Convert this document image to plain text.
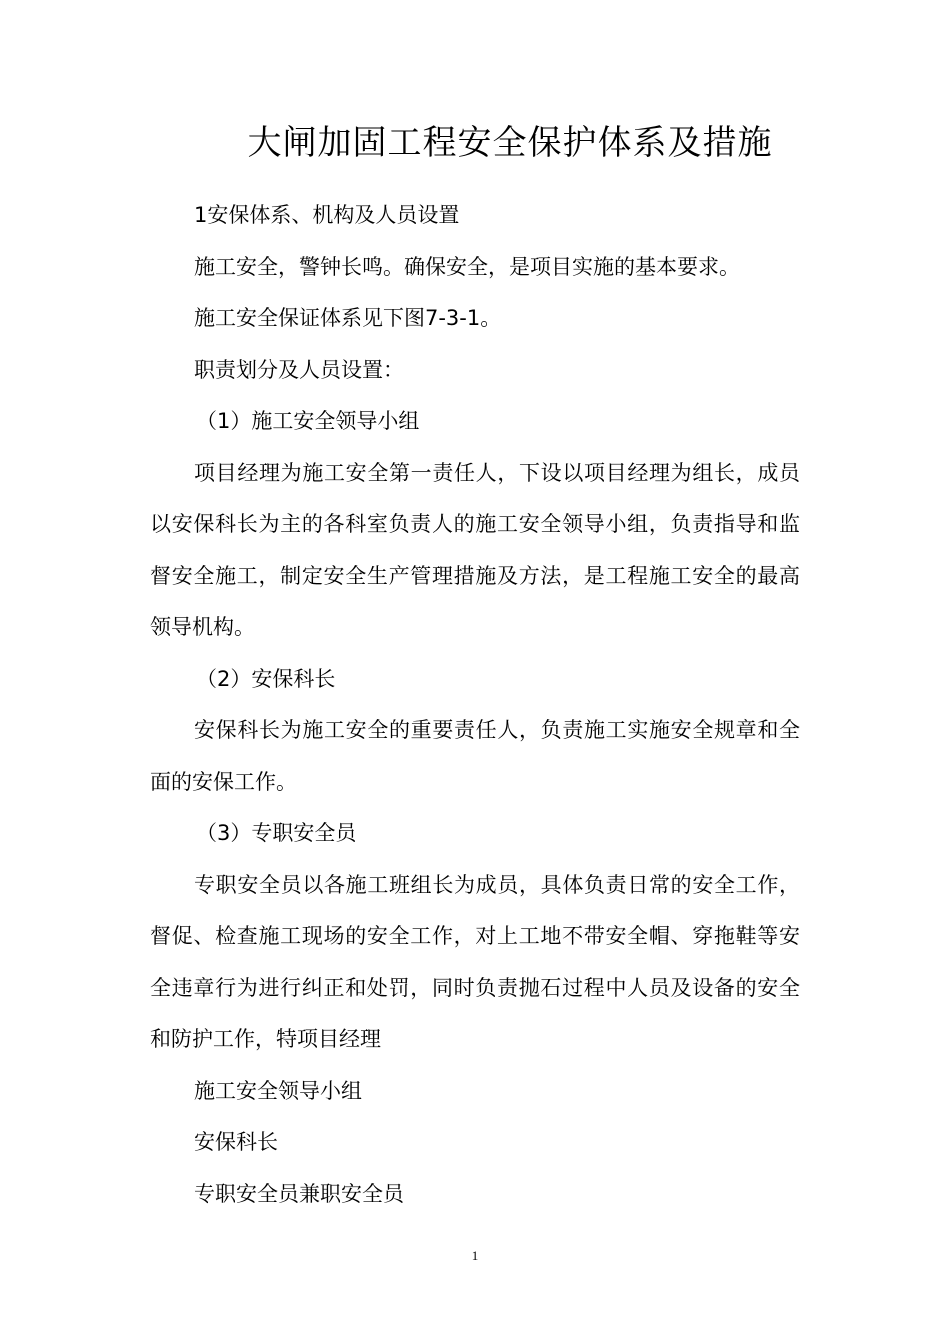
大闸加固工程安全保护体系及措施

1安保体系、机构及人员设置

施工安全，警钟长鸣。确保安全，是项目实施的基本要求。

施工安全保证体系见下图7-3-1。

职责划分及人员设置：

（1）施工安全领导小组

项目经理为施工安全第一责任人，下设以项目经理为组长，成员以安保科长为主的各科室负责人的施工安全领导小组，负责指导和监督安全施工，制定安全生产管理措施及方法，是工程施工安全的最高领导机构。

（2）安保科长

安保科长为施工安全的重要责任人，负责施工实施安全规章和全面的安保工作。

（3）专职安全员

专职安全员以各施工班组长为成员，具体负责日常的安全工作，督促、检查施工现场的安全工作，对上工地不带安全帽、穿拖鞋等安全违章行为进行纠正和处罚，同时负责抛石过程中人员及设备的安全和防护工作，特项目经理

施工安全领导小组

安保科长

专职安全员兼职安全员

1
